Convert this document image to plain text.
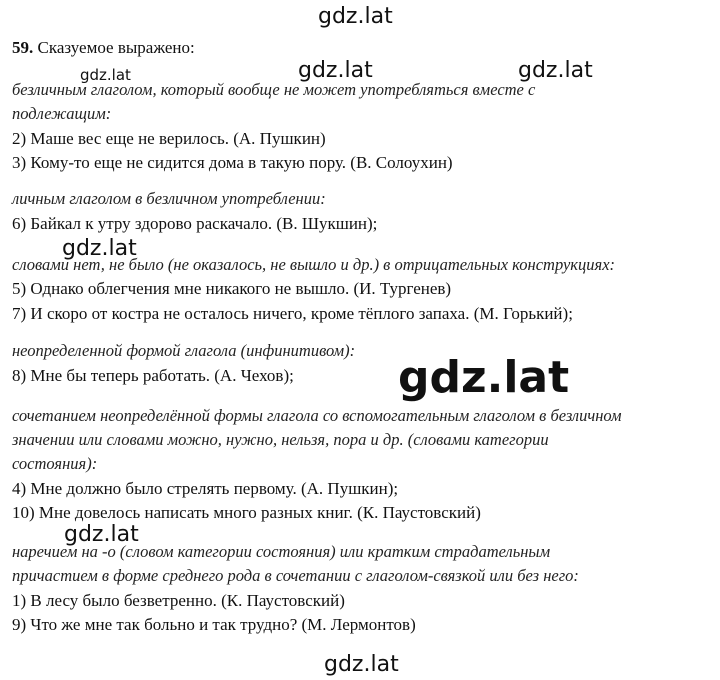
gdz.lat
gdz.lat	gdz.lat	gdz.lat
gdz.lat
gdz.lat
gdz.lat
gdz.lat
59. Сказуемое выражено:
безличным глаголом, который вообще не может употребляться вместе с
подлежащим:
2) Маше вес еще не верилось. (А. Пушкин)
3) Кому-то еще не сидится дома в такую пору. (В. Солоухин)
личным глаголом в безличном употреблении:
6) Байкал к утру здорово раскачало. (В. Шукшин);
словами нет, не было (не оказалось, не вышло и др.) в отрицательных конструкциях:
5) Однако облегчения мне никакого не вышло. (И. Тургенев)
7) И скоро от костра не осталось ничего, кроме тёплого запаха. (М. Горький);
неопределенной формой глагола (инфинитивом):
8) Мне бы теперь работать. (А. Чехов);
сочетанием неопределённой формы глагола со вспомогательным глаголом в безличном
значении или словами можно, нужно, нельзя, пора и др. (словами категории
состояния):
4) Мне должно было стрелять первому. (А. Пушкин);
10) Мне довелось написать много разных книг. (К. Паустовский)
наречием на -о (словом категории состояния) или кратким страдательным
причастием в форме среднего рода в сочетании с глаголом-связкой или без него:
1) В лесу было безветренно. (К. Паустовский)
9) Что же мне так больно и так трудно? (М. Лермонтов)
